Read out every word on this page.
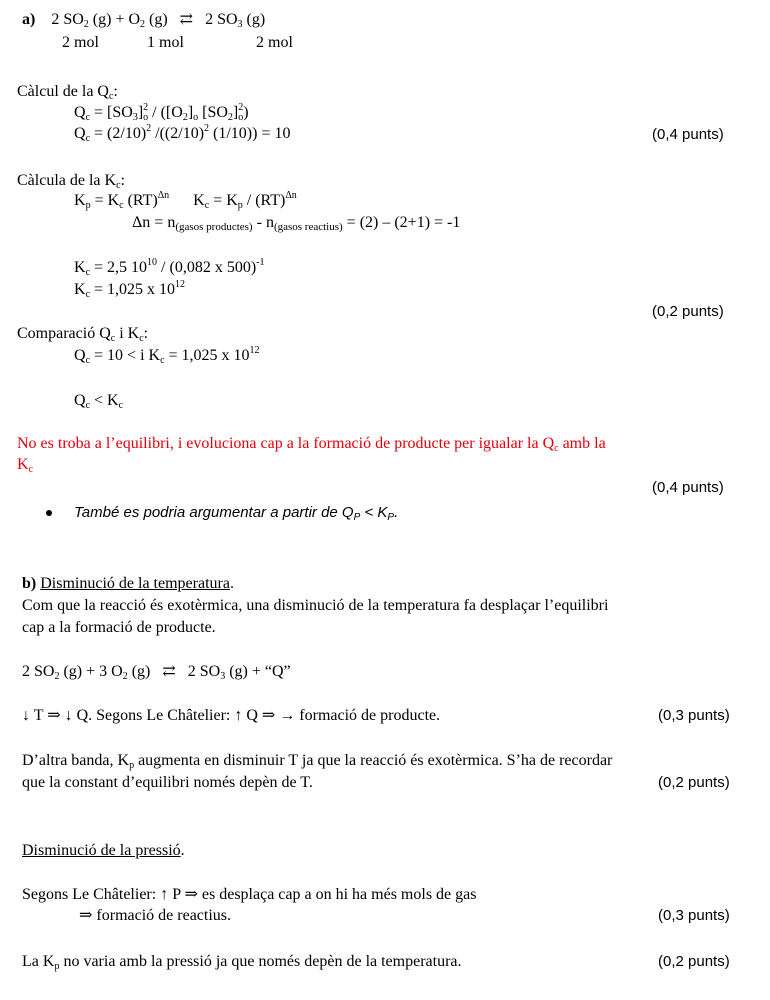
a) 2 $SO_2$ $(g) + O_2$ (g) ⇄ 2 $SO_3$ (g)
2 mol	1 mol	2 mol
Càlcul de la $Q_c$:
$Q_c = [SO_3]_o^2 / ([O_2]_o$ $[SO_2]_o^2$)
$Q_c = (2/10)^2$ $/((2/10)^2$ (1/10)) = 10	(0,4 punts)
Càlcula de la $K_c$:
$K_p = K_c$ (RT)$^{\Delta n}$ $K_c = K_p / (RT)^{\Delta n}$
Δn = n(gasos productes) - n(gasos reactius) = (2) – (2+1) = -1
$K_c = 2,5$ $10^{10} / (0,082$ x 500)$^{-1}$
$K_c = 1,025$ x $10^{12}$
(0,2 punts)
Comparació $Q_c$ i $K_c$:
$Q_c = 10 < i$ $K_c = 1,025$ x $10^{12}$
$Q_c < K_c$
No es troba a l’equilibri, i evoluciona cap a la formació de producte per igualar la $Q_c$ amb la
$K_c$
(0,4 punts)
També es podria argumentar a partir de $Q_P < K_P$.
b) Disminució de la temperatura.
Com que la reacció és exotèrmica, una disminució de la temperatura fa desplaçar l’equilibri
cap a la formació de producte.
2 $SO_2$ (g) + 3 $O_2$ (g) ⇄ 2 $SO_3$ (g) + “Q”
↓ T ⇒ ↓ Q. Segons Le Châtelier: ↑ Q ⇒ → formació de producte.	(0,3 punts)
D’altra banda, $K_p$ augmenta en disminuir T ja que la reacció és exotèrmica. S’ha de recordar
que la constant d’equilibri només depèn de T.	(0,2 punts)
Disminució de la pressió.
Segons Le Châtelier: ↑ P ⇒ es desplaça cap a on hi ha més mols de gas
⇒ formació de reactius.	(0,3 punts)
La $K_p$ no varia amb la pressió ja que només depèn de la temperatura.	(0,2 punts)
